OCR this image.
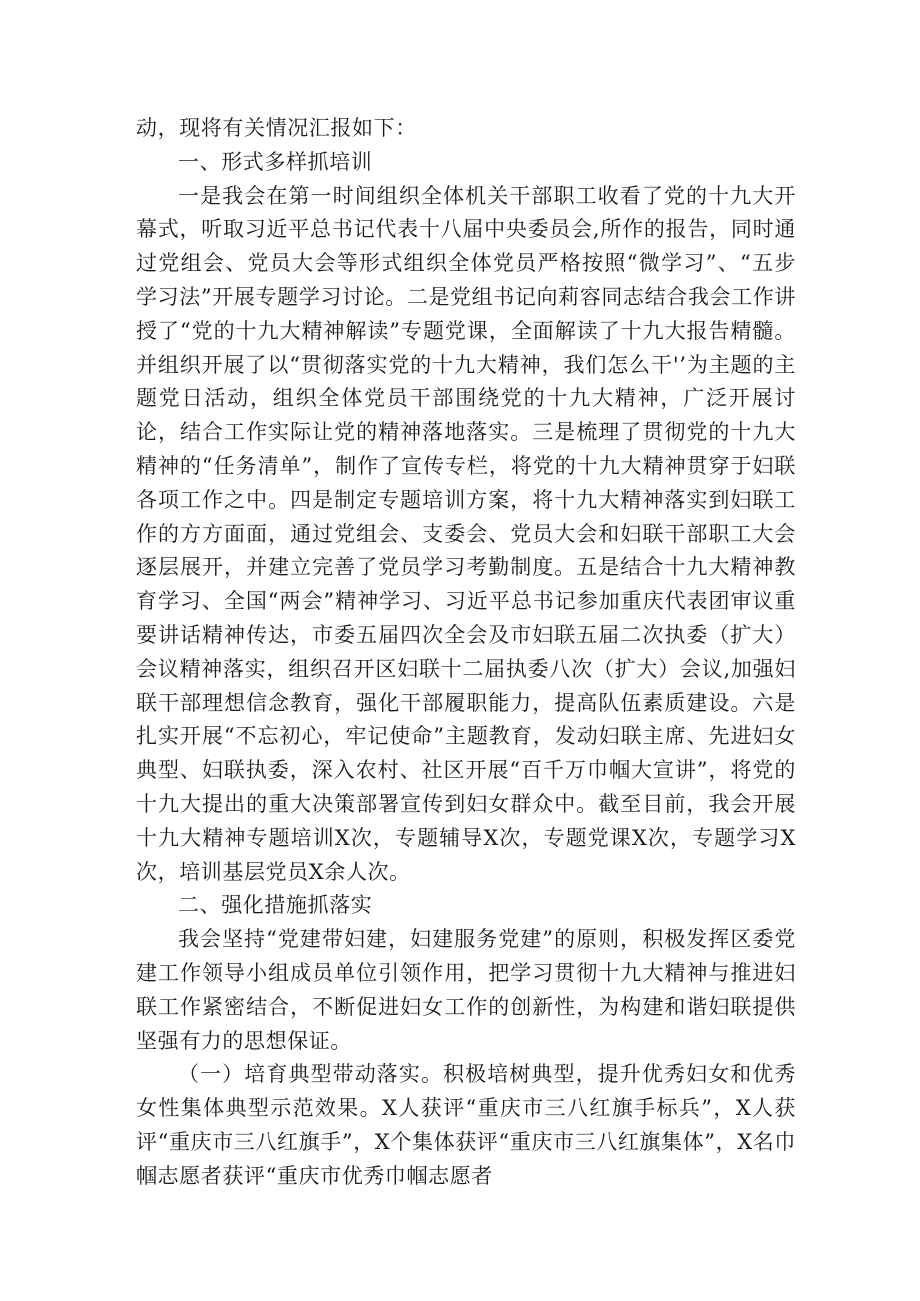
动，现将有关情况汇报如下：

一、形式多样抓培训

一是我会在第一时间组织全体机关干部职工收看了党的十九大开幕式，听取习近平总书记代表十八届中央委员会,所作的报告，同时通过党组会、党员大会等形式组织全体党员严格按照“微学习”、“五步学习法”开展专题学习讨论。二是党组书记向莉容同志结合我会工作讲授了“党的十九大精神解读”专题党课，全面解读了十九大报告精髓。并组织开展了以“贯彻落实党的十九大精神，我们怎么干'’为主题的主题党日活动，组织全体党员干部围绕党的十九大精神，广泛开展讨论，结合工作实际让党的精神落地落实。三是梳理了贯彻党的十九大精神的“任务清单”，制作了宣传专栏，将党的十九大精神贯穿于妇联各项工作之中。四是制定专题培训方案，将十九大精神落实到妇联工作的方方面面，通过党组会、支委会、党员大会和妇联干部职工大会逐层展开，并建立完善了党员学习考勤制度。五是结合十九大精神教育学习、全国“两会”精神学习、习近平总书记参加重庆代表团审议重要讲话精神传达，市委五届四次全会及市妇联五届二次执委（扩大）会议精神落实，组织召开区妇联十二届执委八次（扩大）会议,加强妇联干部理想信念教育，强化干部履职能力，提高队伍素质建设。六是扎实开展“不忘初心，牢记使命”主题教育，发动妇联主席、先进妇女典型、妇联执委，深入农村、社区开展“百千万巾帼大宣讲”，将党的十九大提出的重大决策部署宣传到妇女群众中。截至目前，我会开展十九大精神专题培训X次，专题辅导X次，专题党课X次，专题学习X次，培训基层党员X余人次。

二、强化措施抓落实

我会坚持“党建带妇建，妇建服务党建”的原则，积极发挥区委党建工作领导小组成员单位引领作用，把学习贯彻十九大精神与推进妇联工作紧密结合，不断促进妇女工作的创新性，为构建和谐妇联提供坚强有力的思想保证。

（一）培育典型带动落实。积极培树典型，提升优秀妇女和优秀女性集体典型示范效果。X人获评“重庆市三八红旗手标兵”，X人获评“重庆市三八红旗手”，X个集体获评“重庆市三八红旗集体”，X名巾帼志愿者获评“重庆市优秀巾帼志愿者
